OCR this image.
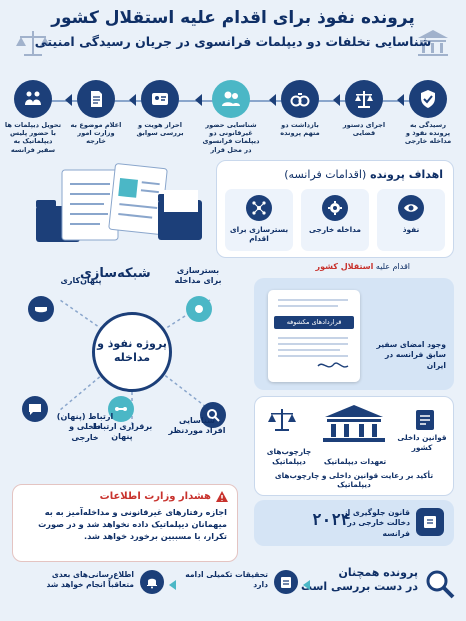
پرونده نفوذ برای اقدام علیه استقلال کشور
شناسایی تخلفات دو دیپلمات فرانسوی در جریان رسیدگی امنیتی
رسیدگی به پرونده نفوذ و مداخله خارجی
اجرای دستور قضایی
بازداشت دو متهم پرونده
شناسایی حضور غیرقانونی دو دیپلمات فرانسوی در محل قرار
احراز هویت و بررسی سوابق
اعلام موضوع به وزارت امور خارجه
تحویل دیپلمات ها با حضور پلیس دیپلماتیک به سفیر فرانسه
اهداف پرونده (اقدامات فرانسه)
نفوذ
مداخله خارجی
بسترسازی برای اقدام
اقدام علیه استقلال کشور
شبکه‌سازی
پروژه نفوذ و مداخله
بسترسازی برای مداخله
پنهان‌کاری
شناسایی افراد موردنظر
برقراری ارتباط پنهان
ارتباط (پنهان) داخلی و خارجی
قراردادهای مکشوفه
وجود امضای سفیر سابق فرانسه در ایران
چارچوب‌های دیپلماتیک	تعهدات دیپلماتیک
قوانین داخلی کشور
تأکید بر رعایت قوانین داخلی و چارچوب‌های دیپلماتیک
هشدار وزارت اطلاعات
اجازه رفتارهای غیرقانونی و مداخله‌آمیز به به میهمانان دیپلماتیک داده نخواهد شد و در صورت تکرار، با مسببین برخورد خواهد شد.
قانون جلوگیری از دخالت خارجی در فرانسه
۲۰۲۴
پرونده همچنان
در دست بررسی است
تحقیقات تکمیلی ادامه دارد
اطلاع‌رسانی‌های بعدی متعاقباً انجام خواهد شد
